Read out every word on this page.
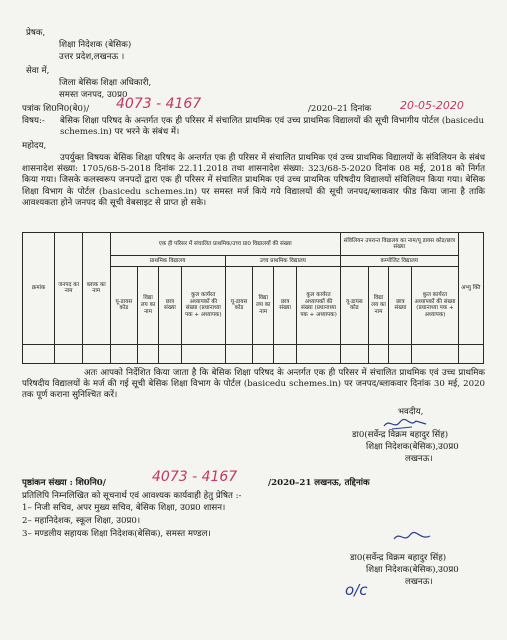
प्रेषक,
शिक्षा निदेशक (बेसिक)
उत्तर प्रदेश,लखनऊ ।
सेवा में,
जिला बेसिक शिक्षा अधिकारी,
समस्त जनपद, उ0प्र0
पत्रांक शि0नि0(बे0)/ 4073 - 4167	/2020–21 दिनांक	20-05-2020
विषय:- बेसिक शिक्षा परिषद के अन्तर्गत एक ही परिसर में संचालित प्राथमिक एवं उच्च प्राथमिक विद्यालयों की सूची विभागीय पोर्टल (basicedu schemes.in) पर भरने के संबंध में।
महोदय,
उपर्युक्त विषयक बेसिक शिक्षा परिषद के अन्तर्गत एक ही परिसर में संचालित प्राथमिक एवं उच्च प्राथमिक विद्यालयों के संविलियन के संबंध शासनादेश संख्या: 1705/68-5-2018 दिनांक 22.11.2018 तथा शासनादेश संख्या: 323/68-5-2020 दिनांक 08 मई, 2018 को निर्गत किया गया। जिसके कलस्वरूप जनपदों द्वारा एक ही परिसर में संचालित प्राथमिक एवं उच्च प्राथमिक परिषदीय विद्यालयों संविलियन किया गया। बेसिक शिक्षा विभाग के पोर्टल (basicedu schemes.in) पर समस्त मर्ज किये गये विद्यालयों की सूची जनपद/ब्लाकवार फीड किया जाना है ताकि आवश्यकता होने जनपद की सूची वेबसाइट से प्राप्त हो सके।
क्रमांक	जनपद का नाम	ब्लाक का नाम	एक ही परिसर में संचालित प्राथमिक/उच्च प्रा0 विद्यालयों की संख्या								संविलियन उपरान्त विद्यालय का नाम/यू डायस कोड/छात्र संख्या				अभ्यु क्ति
			प्राथमिक विद्यालय				उच्च प्राथमिक विद्यालय				कम्पोजिट विद्यालय				
			यू-डायस कोड	विद्या लय का नाम	छात्र संख्या	कुल कार्यरत अध्यापकों की संख्या (प्रधानाध्या पक + अध्यापक)	यू-डायस कोड	विद्या लय का नाम	छात्र संख्या	कुल कार्यरत अध्यापकों की संख्या (प्रधानाध्या पक + अध्यापक)	यू-डायस कोड	विद्या लय का नाम	छात्र संख्या	कुल कार्यरत अध्यापकों की संख्या (प्रधानाध्या पक + अध्यापक)	

अतः आपको निर्देशित किया जाता है कि बेसिक शिक्षा परिषद के अन्तर्गत एक ही परिसर में संचालित प्राथमिक एवं उच्च प्राथमिक परिषदीय विद्यालयों के मर्ज की गई सूची बेसिक शिक्षा विभाग के पोर्टल (basicedu schemes.in) पर जनपद/ब्लाकवार दिनांक 30 मई, 2020 तक पूर्ण कराना सुनिश्चित करें।
भवदीय,
डा0(सर्वेन्द्र विक्रम बहादुर सिंह)
शिक्षा निदेशक(बेसिक),उ0प्र0
लखनऊ।
पृष्ठांकन संख्या : शि0नि0/	4073 - 4167	/2020–21 लखनऊ, तद्दिनांक
प्रतिलिपि निम्नलिखित को सूचनार्थ एवं आवश्यक कार्यवाही हेतु प्रेषित :-
1– निजी सचिव, अपर मुख्य सचिव, बेसिक शिक्षा, उ0प्र0 शासन।
2– महानिदेशक, स्कूल शिक्षा, उ0प्र0।
3– मण्डलीय सहायक शिक्षा निदेशक(बेसिक), समस्त मण्डल।
डा0(सर्वेन्द्र विक्रम बहादुर सिंह)
शिक्षा निदेशक(बेसिक),उ0प्र0
लखनऊ।
o/c
